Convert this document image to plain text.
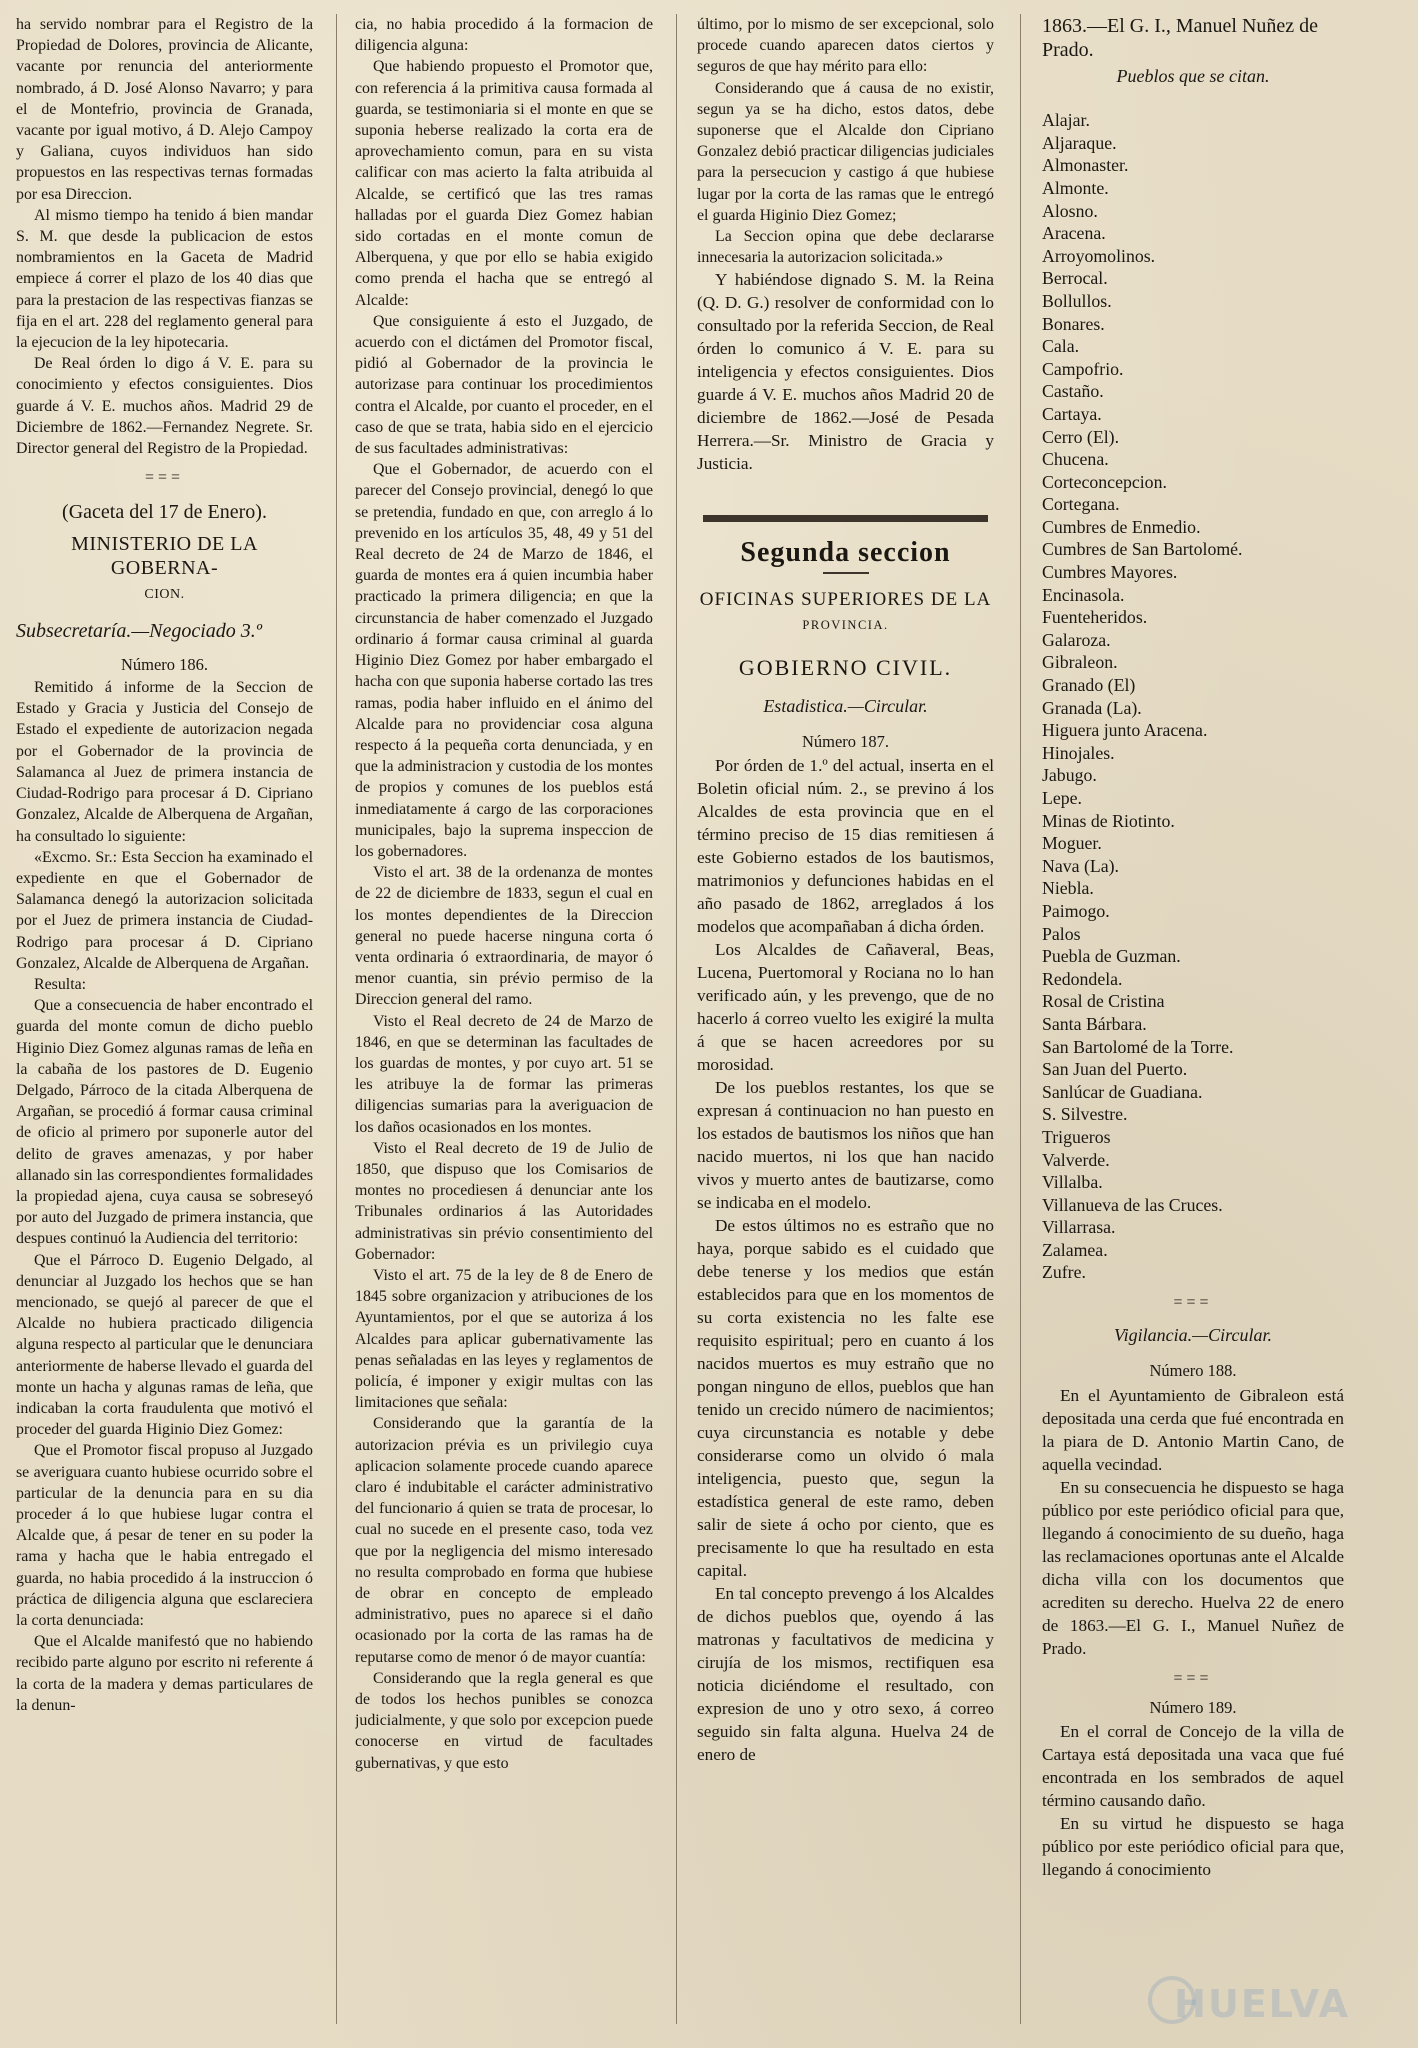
ha servido nombrar para el Registro de la Propiedad de Dolores, provincia de Alicante, vacante por renuncia del anteriormente nombrado, á D. José Alonso Navarro; y para el de Montefrio, provincia de Granada, vacante por igual motivo, á D. Alejo Campoy y Galiana, cuyos individuos han sido propuestos en las respectivas ternas formadas por esa Direccion.

Al mismo tiempo ha tenido á bien mandar S. M. que desde la publicacion de estos nombramientos en la Gaceta de Madrid empiece á correr el plazo de los 40 dias que para la prestacion de las respectivas fianzas se fija en el art. 228 del reglamento general para la ejecucion de la ley hipotecaria.

De Real órden lo digo á V. E. para su conocimiento y efectos consiguientes. Dios guarde á V. E. muchos años. Madrid 29 de Diciembre de 1862.—Fernandez Negrete. Sr. Director general del Registro de la Propiedad.

===
(Gaceta del 17 de Enero).
MINISTERIO DE LA GOBERNA-
CION.
Subsecretaría.—Negociado 3.º
Número 186.

Remitido á informe de la Seccion de Estado y Gracia y Justicia del Consejo de Estado el expediente de autorizacion negada por el Gobernador de la provincia de Salamanca al Juez de primera instancia de Ciudad-Rodrigo para procesar á D. Cipriano Gonzalez, Alcalde de Alberquena de Argañan, ha consultado lo siguiente:

«Excmo. Sr.: Esta Seccion ha examinado el expediente en que el Gobernador de Salamanca denegó la autorizacion solicitada por el Juez de primera instancia de Ciudad-Rodrigo para procesar á D. Cipriano Gonzalez, Alcalde de Alberquena de Argañan.

Resulta:

Que a consecuencia de haber encontrado el guarda del monte comun de dicho pueblo Higinio Diez Gomez algunas ramas de leña en la cabaña de los pastores de D. Eugenio Delgado, Párroco de la citada Alberquena de Argañan, se procedió á formar causa criminal de oficio al primero por suponerle autor del delito de graves amenazas, y por haber allanado sin las correspondientes formalidades la propiedad ajena, cuya causa se sobreseyó por auto del Juzgado de primera instancia, que despues continuó la Audiencia del territorio:

Que el Párroco D. Eugenio Delgado, al denunciar al Juzgado los hechos que se han mencionado, se quejó al parecer de que el Alcalde no hubiera practicado diligencia alguna respecto al particular que le denunciara anteriormente de haberse llevado el guarda del monte un hacha y algunas ramas de leña, que indicaban la corta fraudulenta que motivó el proceder del guarda Higinio Diez Gomez:

Que el Promotor fiscal propuso al Juzgado se averiguara cuanto hubiese ocurrido sobre el particular de la denuncia para en su dia proceder á lo que hubiese lugar contra el Alcalde que, á pesar de tener en su poder la rama y hacha que le habia entregado el guarda, no habia procedido á la instruccion ó práctica de diligencia alguna que esclareciera la corta denunciada:

Que el Alcalde manifestó que no habiendo recibido parte alguno por escrito ni referente á la corta de la madera y demas particulares de la denun-

cia, no habia procedido á la formacion de diligencia alguna:

Que habiendo propuesto el Promotor que, con referencia á la primitiva causa formada al guarda, se testimoniaria si el monte en que se suponia heberse realizado la corta era de aprovechamiento comun, para en su vista calificar con mas acierto la falta atribuida al Alcalde, se certificó que las tres ramas halladas por el guarda Diez Gomez habian sido cortadas en el monte comun de Alberquena, y que por ello se habia exigido como prenda el hacha que se entregó al Alcalde:

Que consiguiente á esto el Juzgado, de acuerdo con el dictámen del Promotor fiscal, pidió al Gobernador de la provincia le autorizase para continuar los procedimientos contra el Alcalde, por cuanto el proceder, en el caso de que se trata, habia sido en el ejercicio de sus facultades administrativas:

Que el Gobernador, de acuerdo con el parecer del Consejo provincial, denegó lo que se pretendia, fundado en que, con arreglo á lo prevenido en los artículos 35, 48, 49 y 51 del Real decreto de 24 de Marzo de 1846, el guarda de montes era á quien incumbia haber practicado la primera diligencia; en que la circunstancia de haber comenzado el Juzgado ordinario á formar causa criminal al guarda Higinio Diez Gomez por haber embargado el hacha con que suponia haberse cortado las tres ramas, podia haber influido en el ánimo del Alcalde para no providenciar cosa alguna respecto á la pequeña corta denunciada, y en que la administracion y custodia de los montes de propios y comunes de los pueblos está inmediatamente á cargo de las corporaciones municipales, bajo la suprema inspeccion de los gobernadores.

Visto el art. 38 de la ordenanza de montes de 22 de diciembre de 1833, segun el cual en los montes dependientes de la Direccion general no puede hacerse ninguna corta ó venta ordinaria ó extraordinaria, de mayor ó menor cuantia, sin prévio permiso de la Direccion general del ramo.

Visto el Real decreto de 24 de Marzo de 1846, en que se determinan las facultades de los guardas de montes, y por cuyo art. 51 se les atribuye la de formar las primeras diligencias sumarias para la averiguacion de los daños ocasionados en los montes.

Visto el Real decreto de 19 de Julio de 1850, que dispuso que los Comisarios de montes no procediesen á denunciar ante los Tribunales ordinarios á las Autoridades administrativas sin prévio consentimiento del Gobernador:

Visto el art. 75 de la ley de 8 de Enero de 1845 sobre organizacion y atribuciones de los Ayuntamientos, por el que se autoriza á los Alcaldes para aplicar gubernativamente las penas señaladas en las leyes y reglamentos de policía, é imponer y exigir multas con las limitaciones que señala:

Considerando que la garantía de la autorizacion prévia es un privilegio cuya aplicacion solamente procede cuando aparece claro é indubitable el carácter administrativo del funcionario á quien se trata de procesar, lo cual no sucede en el presente caso, toda vez que por la negligencia del mismo interesado no resulta comprobado en forma que hubiese de obrar en concepto de empleado administrativo, pues no aparece si el daño ocasionado por la corta de las ramas ha de reputarse como de menor ó de mayor cuantía:

Considerando que la regla general es que de todos los hechos punibles se conozca judicialmente, y que solo por excepcion puede conocerse en virtud de facultades gubernativas, y que esto

último, por lo mismo de ser excepcional, solo procede cuando aparecen datos ciertos y seguros de que hay mérito para ello:

Considerando que á causa de no existir, segun ya se ha dicho, estos datos, debe suponerse que el Alcalde don Cipriano Gonzalez debió practicar diligencias judiciales para la persecucion y castigo á que hubiese lugar por la corta de las ramas que le entregó el guarda Higinio Diez Gomez;

La Seccion opina que debe declararse innecesaria la autorizacion solicitada.»

Y habiéndose dignado S. M. la Reina (Q. D. G.) resolver de conformidad con lo consultado por la referida Seccion, de Real órden lo comunico á V. E. para su inteligencia y efectos consiguientes. Dios guarde á V. E. muchos años Madrid 20 de diciembre de 1862.—José de Pesada Herrera.—Sr. Ministro de Gracia y Justicia.

Segunda seccion
OFICINAS SUPERIORES DE LA
PROVINCIA.
GOBIERNO CIVIL.
Estadistica.—Circular.
Número 187.

Por órden de 1.º del actual, inserta en el Boletin oficial núm. 2., se previno á los Alcaldes de esta provincia que en el término preciso de 15 dias remitiesen á este Gobierno estados de los bautismos, matrimonios y defunciones habidas en el año pasado de 1862, arreglados á los modelos que acompañaban á dicha órden.

Los Alcaldes de Cañaveral, Beas, Lucena, Puertomoral y Rociana no lo han verificado aún, y les prevengo, que de no hacerlo á correo vuelto les exigiré la multa á que se hacen acreedores por su morosidad.

De los pueblos restantes, los que se expresan á continuacion no han puesto en los estados de bautismos los niños que han nacido muertos, ni los que han nacido vivos y muerto antes de bautizarse, como se indicaba en el modelo.

De estos últimos no es estraño que no haya, porque sabido es el cuidado que debe tenerse y los medios que están establecidos para que en los momentos de su corta existencia no les falte ese requisito espiritual; pero en cuanto á los nacidos muertos es muy estraño que no pongan ninguno de ellos, pueblos que han tenido un crecido número de nacimientos; cuya circunstancia es notable y debe considerarse como un olvido ó mala inteligencia, puesto que, segun la estadística general de este ramo, deben salir de siete á ocho por ciento, que es precisamente lo que ha resultado en esta capital.

En tal concepto prevengo á los Alcaldes de dichos pueblos que, oyendo á las matronas y facultativos de medicina y cirujía de los mismos, rectifiquen esa noticia diciéndome el resultado, con expresion de uno y otro sexo, á correo seguido sin falta alguna. Huelva 24 de enero de

1863.—El G. I., Manuel Nuñez de Prado.

Pueblos que se citan.
Alajar.
Aljaraque.
Almonaster.
Almonte.
Alosno.
Aracena.
Arroyomolinos.
Berrocal.
Bollullos.
Bonares.
Cala.
Campofrio.
Castaño.
Cartaya.
Cerro (El).
Chucena.
Corteconcepcion.
Cortegana.
Cumbres de Enmedio.
Cumbres de San Bartolomé.
Cumbres Mayores.
Encinasola.
Fuenteheridos.
Galaroza.
Gibraleon.
Granado (El)
Granada (La).
Higuera junto Aracena.
Hinojales.
Jabugo.
Lepe.
Minas de Riotinto.
Moguer.
Nava (La).
Niebla.
Paimogo.
Palos
Puebla de Guzman.
Redondela.
Rosal de Cristina
Santa Bárbara.
San Bartolomé de la Torre.
San Juan del Puerto.
Sanlúcar de Guadiana.
S. Silvestre.
Trigueros
Valverde.
Villalba.
Villanueva de las Cruces.
Villarrasa.
Zalamea.
Zufre.
===
Vigilancia.—Circular.
Número 188.

En el Ayuntamiento de Gibraleon está depositada una cerda que fué encontrada en la piara de D. Antonio Martin Cano, de aquella vecindad.

En su consecuencia he dispuesto se haga público por este periódico oficial para que, llegando á conocimiento de su dueño, haga las reclamaciones oportunas ante el Alcalde dicha villa con los documentos que acrediten su derecho. Huelva 22 de enero de 1863.—El G. I., Manuel Nuñez de Prado.

===
Número 189.

En el corral de Concejo de la villa de Cartaya está depositada una vaca que fué encontrada en los sembrados de aquel término causando daño.

En su virtud he dispuesto se haga público por este periódico oficial para que, llegando á conocimiento

HUELVA
